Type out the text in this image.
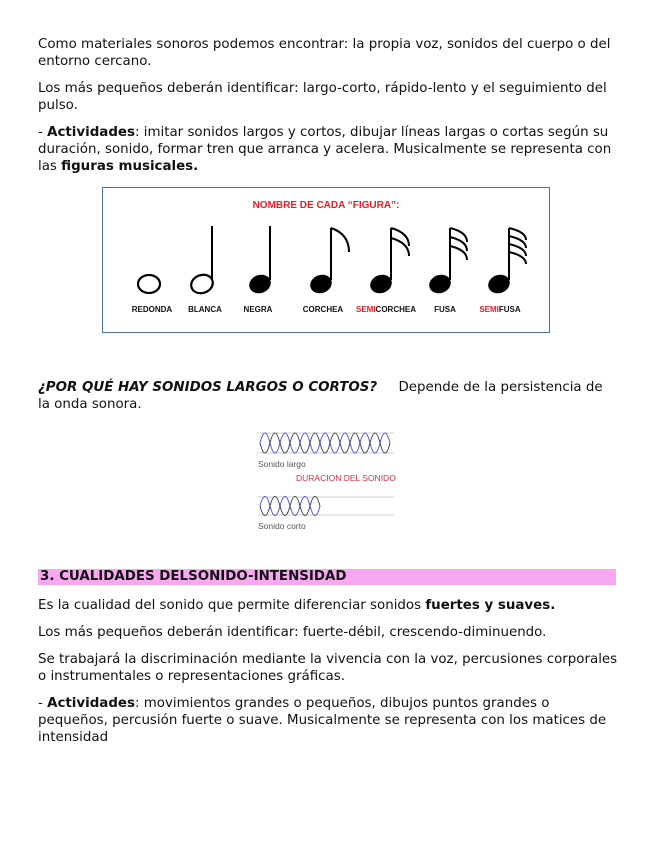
Como materiales sonoros podemos encontrar: la propia voz, sonidos del cuerpo o del entorno cercano.

Los más pequeños deberán identificar: largo-corto, rápido-lento y el seguimiento del pulso.

- Actividades: imitar sonidos largos y cortos, dibujar líneas largas o cortas según su duración, sonido, formar tren que arranca y acelera. Musicalmente se representa con las figuras musicales.

NOMBRE DE CADA “FIGURA”:
REDONDA	BLANCA	NEGRA	CORCHEA	SEMICORCHEA	FUSA	SEMIFUSA

¿POR QUÉ HAY SONIDOS LARGOS O CORTOS? Depende de la persistencia de la onda sonora.

Sonido largo
DURACION DEL SONIDO
Sonido corto
3. CUALIDADES DELSONIDO-INTENSIDAD

Es la cualidad del sonido que permite diferenciar sonidos fuertes y suaves.

Los más pequeños deberán identificar: fuerte-débil, crescendo-diminuendo.

Se trabajará la discriminación mediante la vivencia con la voz, percusiones corporales o instrumentales o representaciones gráficas.

- Actividades: movimientos grandes o pequeños, dibujos puntos grandes o pequeños, percusión fuerte o suave. Musicalmente se representa con los matices de intensidad
